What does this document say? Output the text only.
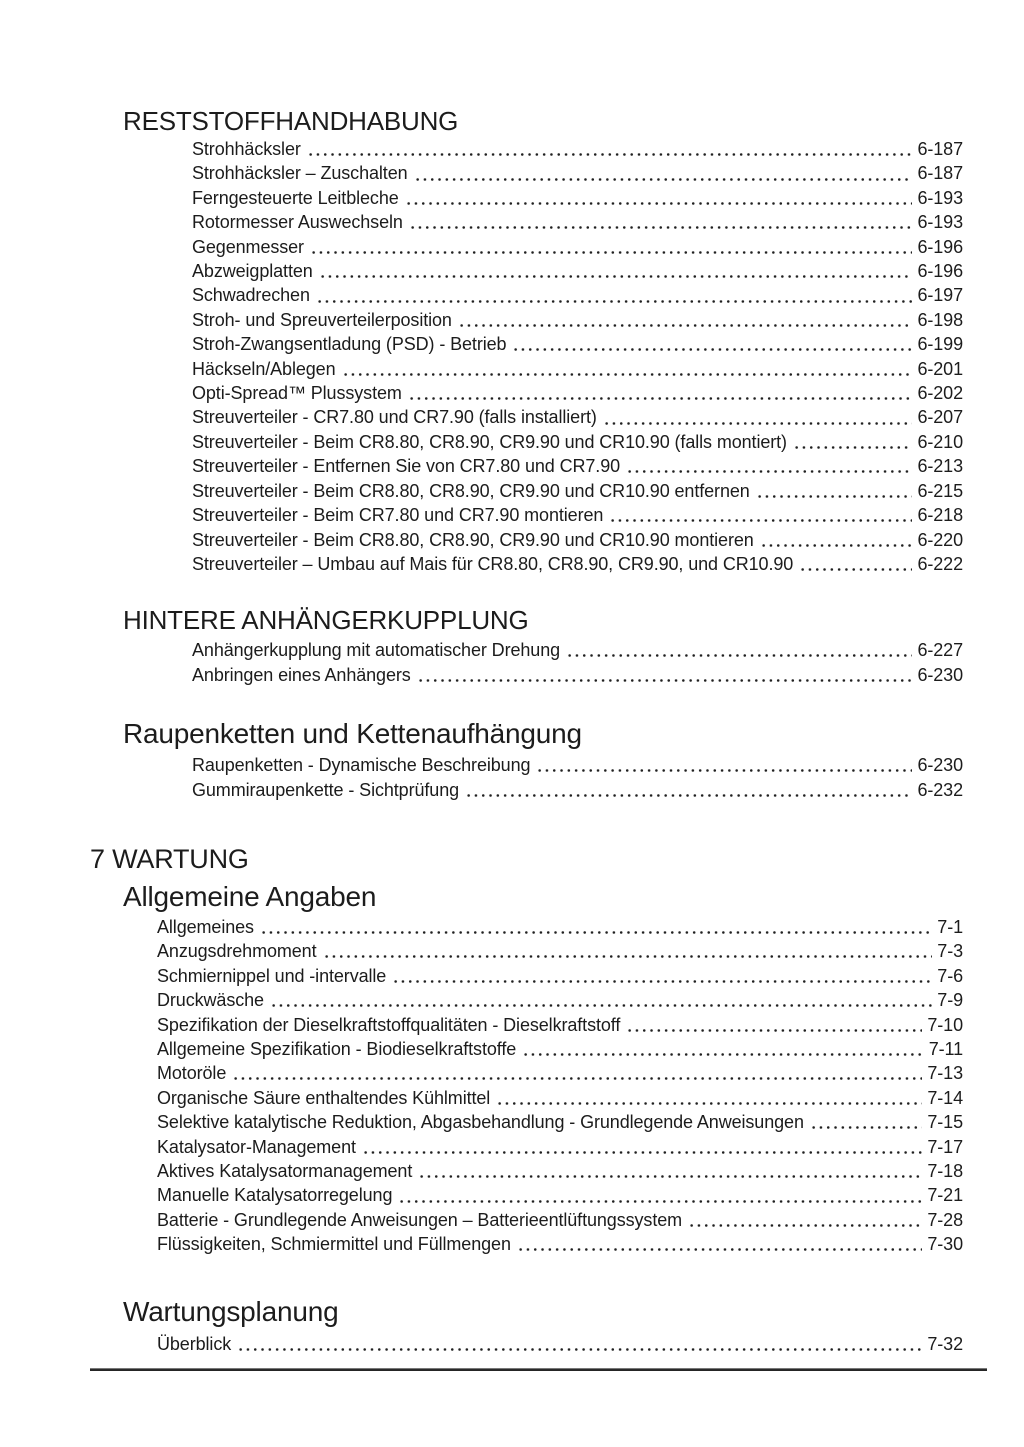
RESTSTOFFHANDHABUNG
Strohhäcksler	6-187
Strohhäcksler – Zuschalten	6-187
Ferngesteuerte Leitbleche	6-193
Rotormesser Auswechseln	6-193
Gegenmesser	6-196
Abzweigplatten	6-196
Schwadrechen	6-197
Stroh- und Spreuverteilerposition	6-198
Stroh-Zwangsentladung (PSD) - Betrieb	6-199
Häckseln/Ablegen	6-201
Opti-Spread™ Plussystem	6-202
Streuverteiler - CR7.80 und CR7.90 (falls installiert)	6-207
Streuverteiler - Beim CR8.80, CR8.90, CR9.90 und CR10.90 (falls montiert)	6-210
Streuverteiler - Entfernen Sie von CR7.80 und CR7.90	6-213
Streuverteiler - Beim CR8.80, CR8.90, CR9.90 und CR10.90 entfernen	6-215
Streuverteiler - Beim CR7.80 und CR7.90 montieren	6-218
Streuverteiler - Beim CR8.80, CR8.90, CR9.90 und CR10.90 montieren	6-220
Streuverteiler – Umbau auf Mais für CR8.80, CR8.90, CR9.90, und CR10.90	6-222
HINTERE ANHÄNGERKUPPLUNG
Anhängerkupplung mit automatischer Drehung	6-227
Anbringen eines Anhängers	6-230
Raupenketten und Kettenaufhängung
Raupenketten - Dynamische Beschreibung	6-230
Gummiraupenkette - Sichtprüfung	6-232
7 WARTUNG
Allgemeine Angaben
Allgemeines	7-1
Anzugsdrehmoment	7-3
Schmiernippel und -intervalle	7-6
Druckwäsche	7-9
Spezifikation der Dieselkraftstoffqualitäten - Dieselkraftstoff	7-10
Allgemeine Spezifikation - Biodieselkraftstoffe	7-11
Motoröle	7-13
Organische Säure enthaltendes Kühlmittel	7-14
Selektive katalytische Reduktion, Abgasbehandlung - Grundlegende Anweisungen	7-15
Katalysator-Management	7-17
Aktives Katalysatormanagement	7-18
Manuelle Katalysatorregelung	7-21
Batterie - Grundlegende Anweisungen – Batterieentlüftungssystem	7-28
Flüssigkeiten, Schmiermittel und Füllmengen	7-30
Wartungsplanung
Überblick	7-32
